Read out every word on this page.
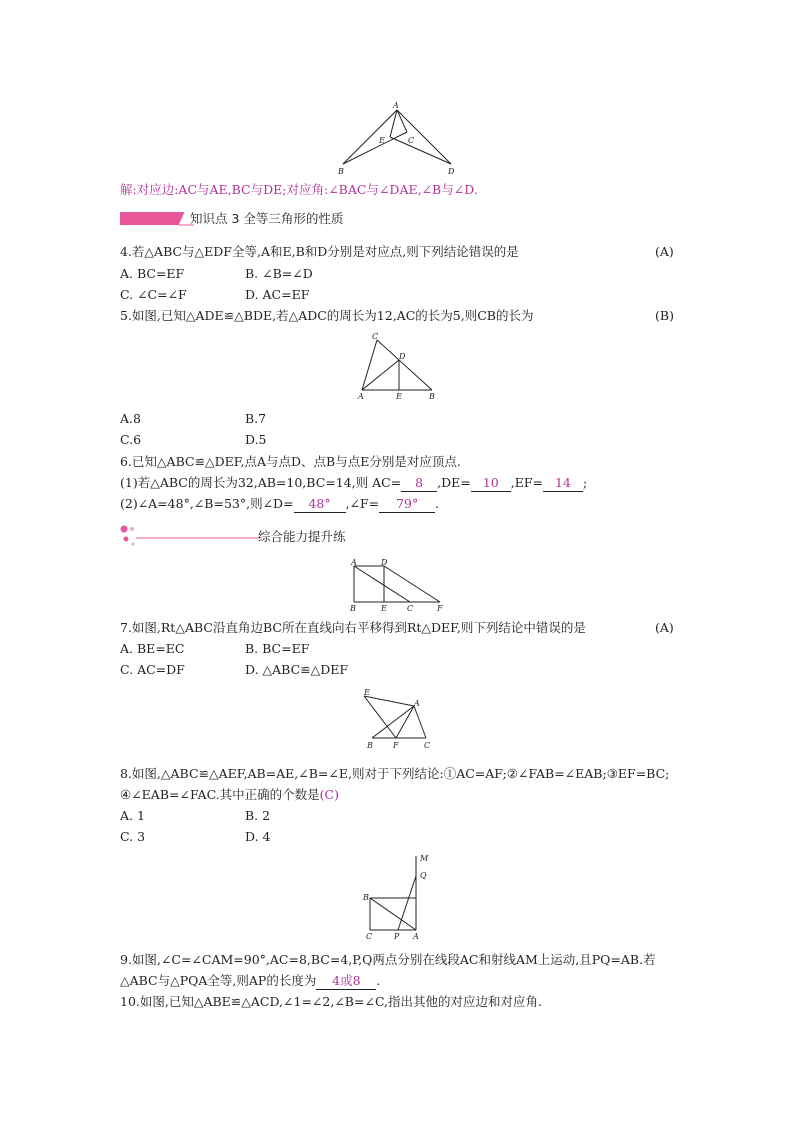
A
E	C
B	D
解:对应边:AC与AE,BC与DE;对应角:∠BAC与∠DAE,∠B与∠D.
知识点 3 全等三角形的性质
4.若△ABC与△EDF全等,A和E,B和D分别是对应点,则下列结论错误的是	(A)
A. BC=EF	B. ∠B=∠D
C. ∠C=∠F	D. AC=EF
5.如图,已知△ADE≌△BDE,若△ADC的周长为12,AC的长为5,则CB的长为	(B)
C
D
A	E	B
A.8	B.7
C.6	D.5
6.已知△ABC≌△DEF,点A与点D、点B与点E分别是对应顶点.
(1)若△ABC的周长为32,AB=10,BC=14,则 AC= 8 ,DE= 10 ,EF= 14 ;
(2)∠A=48°,∠B=53°,则∠D= 48° ,∠F= 79° .
综合能力提升练
A	D
B	E	C	F
7.如图,Rt△ABC沿直角边BC所在直线向右平移得到Rt△DEF,则下列结论中错误的是	(A)
A. BE=EC	B. BC=EF
C. AC=DF	D. △ABC≌△DEF
E
A
B	F	C
8.如图,△ABC≌△AEF,AB=AE,∠B=∠E,则对于下列结论:①AC=AF;②∠FAB=∠EAB;③EF=BC;
④∠EAB=∠FAC.其中正确的个数是(C)
A. 1	B. 2
C. 3	D. 4
M
Q
B
C	P A
9.如图,∠C=∠CAM=90°,AC=8,BC=4,P,Q两点分别在线段AC和射线AM上运动,且PQ=AB.若
△ABC与△PQA全等,则AP的长度为 4或8 .
10.如图,已知△ABE≌△ACD,∠1=∠2,∠B=∠C,指出其他的对应边和对应角.
